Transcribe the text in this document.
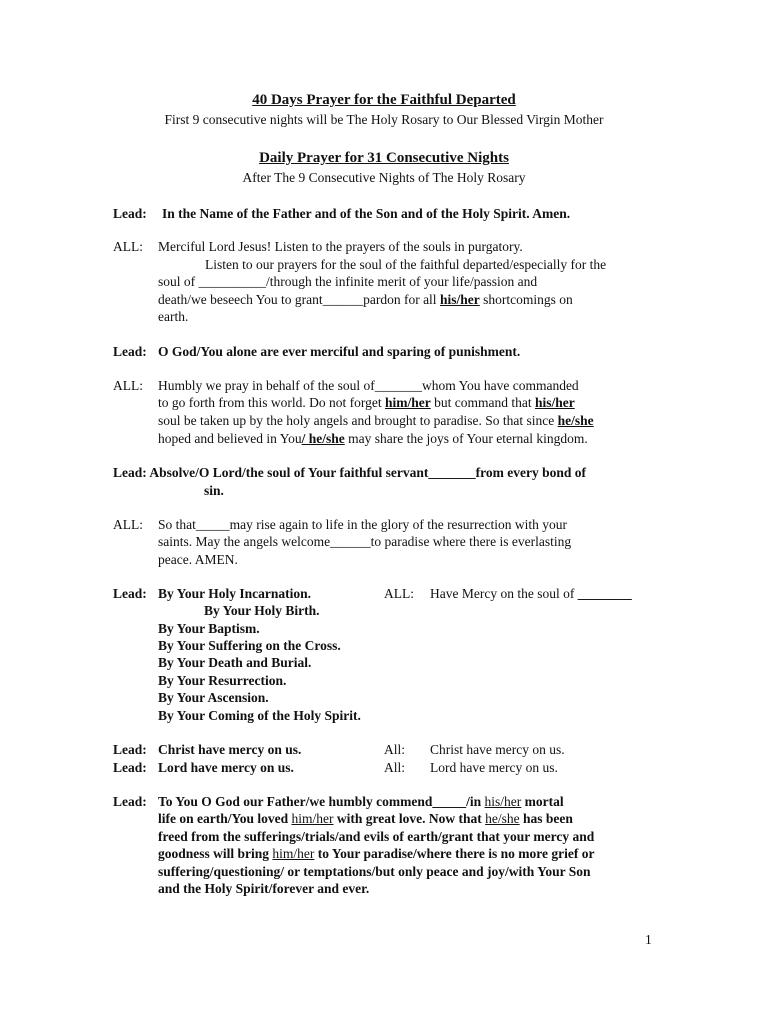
40 Days Prayer for the Faithful Departed
First 9 consecutive nights will be The Holy Rosary to Our Blessed Virgin Mother
Daily Prayer for 31 Consecutive Nights
After The 9 Consecutive Nights of The Holy Rosary
Lead: In the Name of the Father and of the Son and of the Holy Spirit. Amen.
ALL: Merciful Lord Jesus! Listen to the prayers of the souls in purgatory.
Listen to our prayers for the soul of the faithful departed/especially for the
soul of __________/through the infinite merit of your life/passion and
death/we beseech You to grant______pardon for all his/her shortcomings on
earth.
Lead: O God/You alone are ever merciful and sparing of punishment.
ALL: Humbly we pray in behalf of the soul of_______whom You have commanded
to go forth from this world. Do not forget him/her but command that his/her
soul be taken up by the holy angels and brought to paradise. So that since he/she
hoped and believed in You/ he/she may share the joys of Your eternal kingdom.
Lead: Absolve/O Lord/the soul of Your faithful servant_______from every bond of
sin.
ALL: So that_____may rise again to life in the glory of the resurrection with your
saints. May the angels welcome______to paradise where there is everlasting
peace. AMEN.
Lead: By Your Holy Incarnation.
By Your Holy Birth.
By Your Baptism.
By Your Suffering on the Cross.
By Your Death and Burial.
By Your Resurrection.
By Your Ascension.
By Your Coming of the Holy Spirit.
ALL: Have Mercy on the soul of ________
Lead: Christ have mercy on us.	All: Christ have mercy on us.
Lead: Lord have mercy on us.	All: Lord have mercy on us.
Lead: To You O God our Father/we humbly commend_____/in his/her mortal
life on earth/You loved him/her with great love. Now that he/she has been
freed from the sufferings/trials/and evils of earth/grant that your mercy and
goodness will bring him/her to Your paradise/where there is no more grief or
suffering/questioning/ or temptations/but only peace and joy/with Your Son
and the Holy Spirit/forever and ever.
1
